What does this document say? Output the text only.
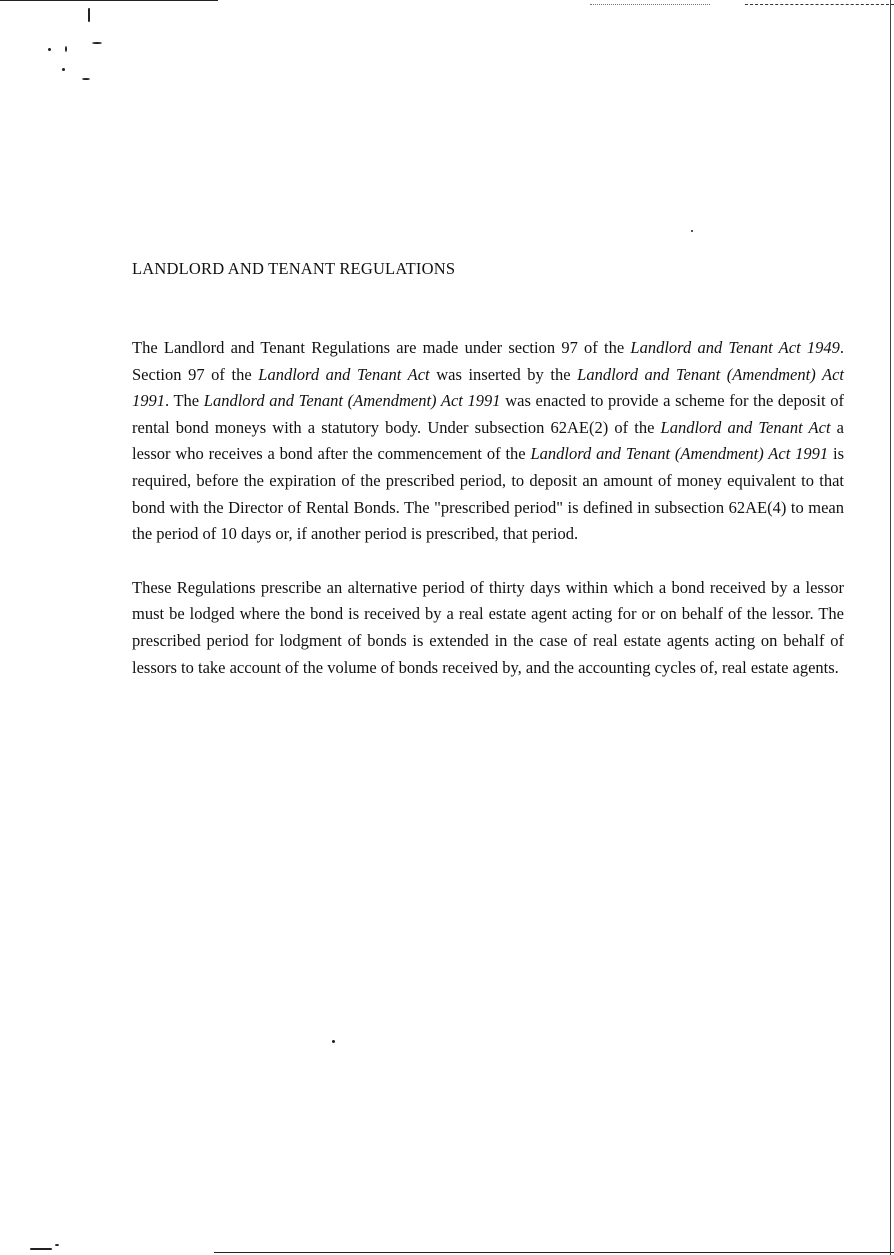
LANDLORD AND TENANT REGULATIONS

The Landlord and Tenant Regulations are made under section 97 of the Landlord and Tenant Act 1949. Section 97 of the Landlord and Tenant Act was inserted by the Landlord and Tenant (Amendment) Act 1991. The Landlord and Tenant (Amendment) Act 1991 was enacted to provide a scheme for the deposit of rental bond moneys with a statutory body. Under subsection 62AE(2) of the Landlord and Tenant Act a lessor who receives a bond after the commencement of the Landlord and Tenant (Amendment) Act 1991 is required, before the expiration of the prescribed period, to deposit an amount of money equivalent to that bond with the Director of Rental Bonds. The "prescribed period" is defined in subsection 62AE(4) to mean the period of 10 days or, if another period is prescribed, that period.

These Regulations prescribe an alternative period of thirty days within which a bond received by a lessor must be lodged where the bond is received by a real estate agent acting for or on behalf of the lessor. The prescribed period for lodgment of bonds is extended in the case of real estate agents acting on behalf of lessors to take account of the volume of bonds received by, and the accounting cycles of, real estate agents.
